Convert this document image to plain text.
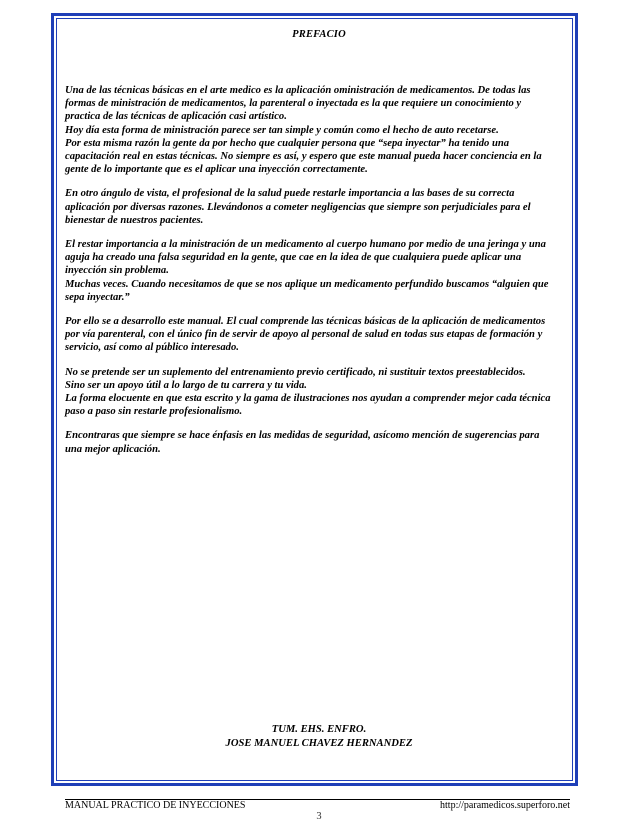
PREFACIO

Una de las técnicas básicas en el arte medico es la aplicación oministración de medicamentos. De todas las
formas de ministración de medicamentos, la parenteral o inyectada es la que requiere un conocimiento y
practica de las técnicas de aplicación casi artístico.
Hoy día esta forma de ministración parece ser tan simple y común como el hecho de auto recetarse.
Por esta misma razón la gente da por hecho que cualquier persona que “sepa inyectar” ha tenido una
capacitación real en estas técnicas. No siempre es así, y espero que este manual pueda hacer conciencia en la
gente de lo importante que es el aplicar una inyección correctamente.

En otro ángulo de vista, el profesional de la salud puede restarle importancia a las bases de su correcta
aplicación por diversas razones. Llevándonos a cometer negligencias que siempre son perjudiciales para el
bienestar de nuestros pacientes.

El restar importancia a la ministración de un medicamento al cuerpo humano por medio de una jeringa y una
aguja ha creado una falsa seguridad en la gente, que cae en la idea de que cualquiera puede aplicar una
inyección sin problema.
Muchas veces. Cuando necesitamos de que se nos aplique un medicamento perfundido buscamos “alguien que
sepa inyectar.”

Por ello se a desarrollo este manual. El cual comprende las técnicas básicas de la aplicación de medicamentos
por vía parenteral, con el único fin de servir de apoyo al personal de salud en todas sus etapas de formación y
servicio, así como al público interesado.

No se pretende ser un suplemento del entrenamiento previo certificado, ni sustituir textos preestablecidos.
Sino ser un apoyo útil a lo largo de tu carrera y tu vida.
La forma elocuente en que esta escrito y la gama de ilustraciones nos ayudan a comprender mejor cada técnica
paso a paso sin restarle profesionalismo.

Encontraras que siempre se hace énfasis en las medidas de seguridad, asícomo mención de sugerencias para
una mejor aplicación.

TUM. EHS. ENFRO.
JOSE MANUEL CHAVEZ HERNANDEZ
MANUAL PRACTICO DE INYECCIONES	http://paramedicos.superforo.net
3
